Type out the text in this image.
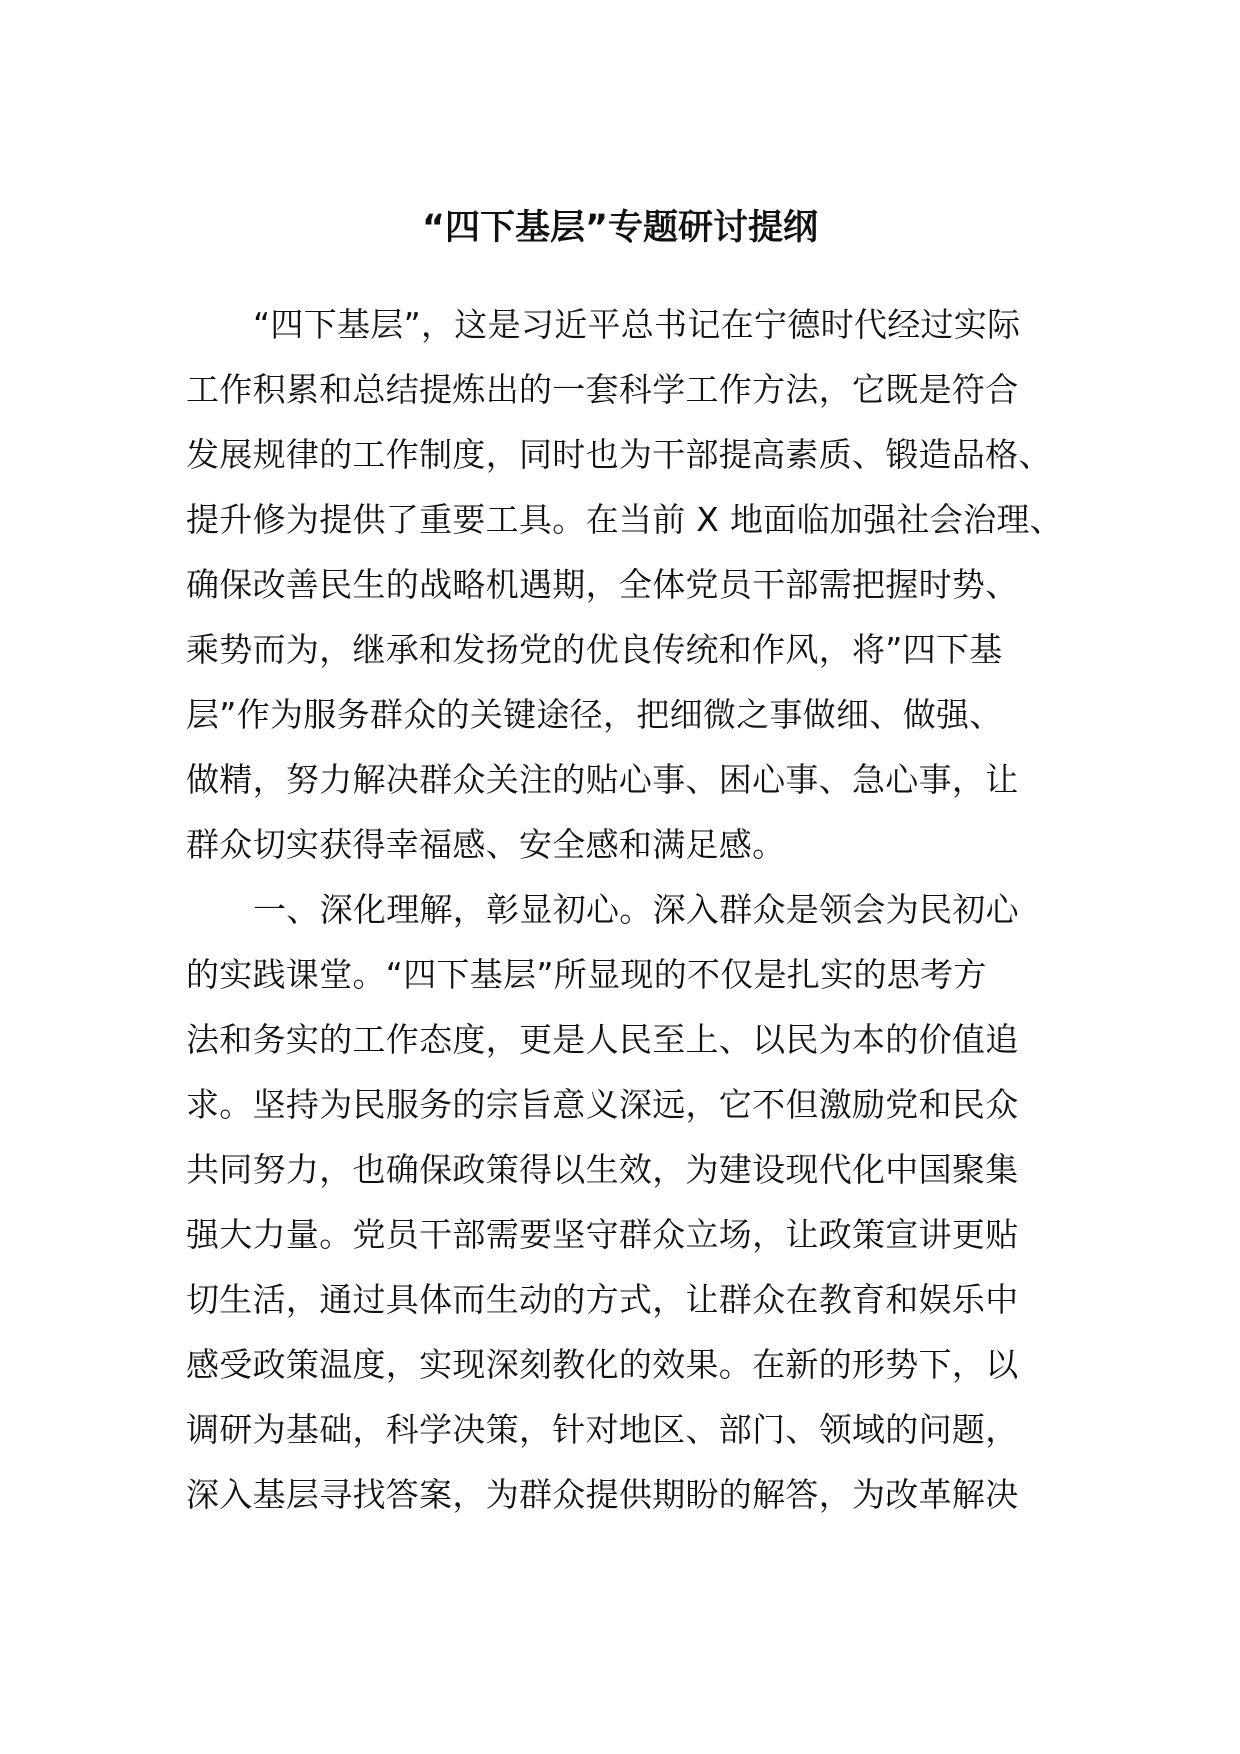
“四下基层”专题研讨提纲
“四下基层”，这是习近平总书记在宁德时代经过实际
工作积累和总结提炼出的一套科学工作方法，它既是符合
发展规律的工作制度，同时也为干部提高素质、锻造品格、
提升修为提供了重要工具。在当前 X 地面临加强社会治理、
确保改善民生的战略机遇期，全体党员干部需把握时势、
乘势而为，继承和发扬党的优良传统和作风，将”四下基
层”作为服务群众的关键途径，把细微之事做细、做强、
做精，努力解决群众关注的贴心事、困心事、急心事，让
群众切实获得幸福感、安全感和满足感。
一、深化理解，彰显初心。深入群众是领会为民初心
的实践课堂。“四下基层”所显现的不仅是扎实的思考方
法和务实的工作态度，更是人民至上、以民为本的价值追
求。坚持为民服务的宗旨意义深远，它不但激励党和民众
共同努力，也确保政策得以生效，为建设现代化中国聚集
强大力量。党员干部需要坚守群众立场，让政策宣讲更贴
切生活，通过具体而生动的方式，让群众在教育和娱乐中
感受政策温度，实现深刻教化的效果。在新的形势下，以
调研为基础，科学决策，针对地区、部门、领域的问题，
深入基层寻找答案，为群众提供期盼的解答，为改革解决
